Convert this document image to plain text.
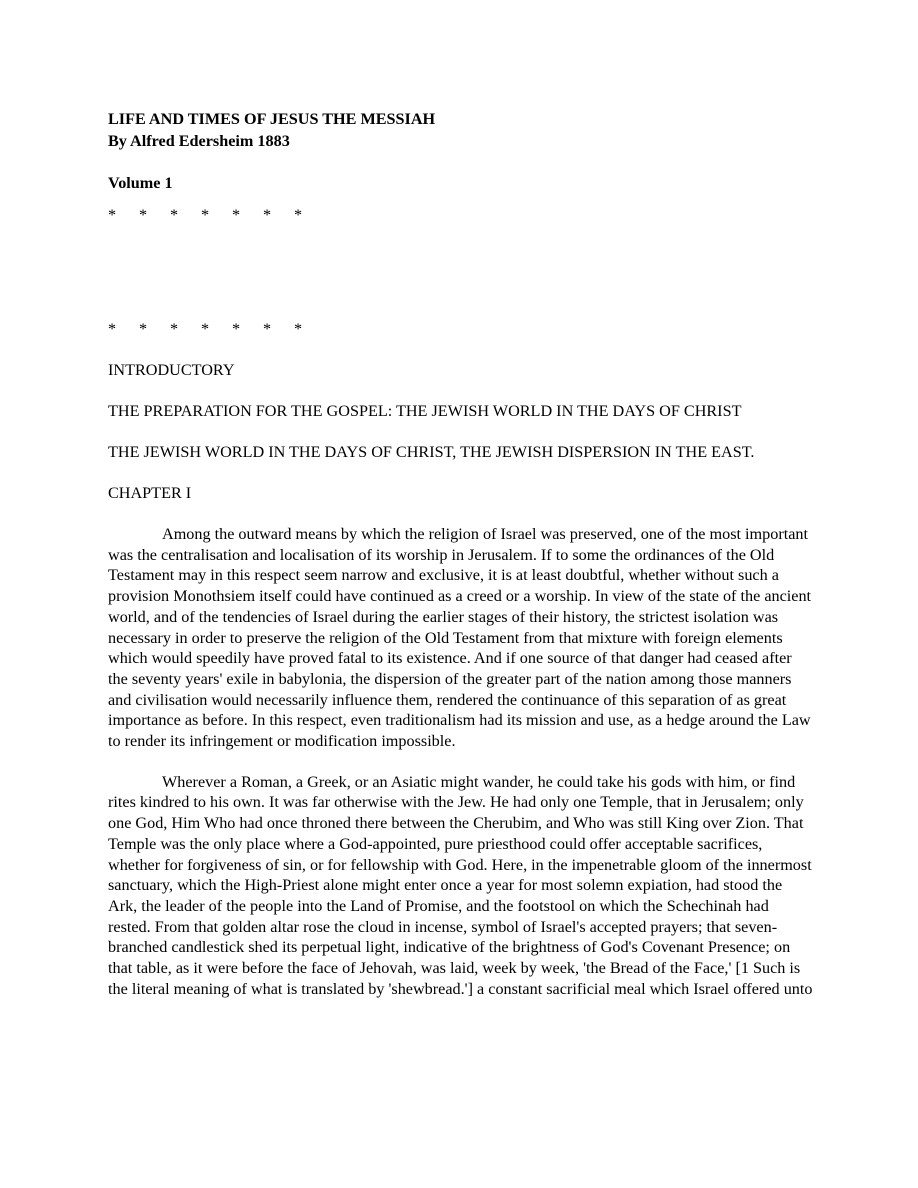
LIFE AND TIMES OF JESUS THE MESSIAH

By Alfred Edersheim 1883

Volume 1

* * * * * * *
* * * * * * *

INTRODUCTORY

THE PREPARATION FOR THE GOSPEL: THE JEWISH WORLD IN THE DAYS OF CHRIST

THE JEWISH WORLD IN THE DAYS OF CHRIST, THE JEWISH DISPERSION IN THE EAST.

CHAPTER I

Among the outward means by which the religion of Israel was preserved, one of the most important was the centralisation and localisation of its worship in Jerusalem. If to some the ordinances of the Old Testament may in this respect seem narrow and exclusive, it is at least doubtful, whether without such a provision Monothsiem itself could have continued as a creed or a worship. In view of the state of the ancient world, and of the tendencies of Israel during the earlier stages of their history, the strictest isolation was necessary in order to preserve the religion of the Old Testament from that mixture with foreign elements which would speedily have proved fatal to its existence. And if one source of that danger had ceased after the seventy years' exile in babylonia, the dispersion of the greater part of the nation among those manners and civilisation would necessarily influence them, rendered the continuance of this separation of as great importance as before. In this respect, even traditionalism had its mission and use, as a hedge around the Law to render its infringement or modification impossible.

Wherever a Roman, a Greek, or an Asiatic might wander, he could take his gods with him, or find rites kindred to his own. It was far otherwise with the Jew. He had only one Temple, that in Jerusalem; only one God, Him Who had once throned there between the Cherubim, and Who was still King over Zion. That Temple was the only place where a God-appointed, pure priesthood could offer acceptable sacrifices, whether for forgiveness of sin, or for fellowship with God. Here, in the impenetrable gloom of the innermost sanctuary, which the High-Priest alone might enter once a year for most solemn expiation, had stood the Ark, the leader of the people into the Land of Promise, and the footstool on which the Schechinah had rested. From that golden altar rose the cloud in incense, symbol of Israel's accepted prayers; that seven-branched candlestick shed its perpetual light, indicative of the brightness of God's Covenant Presence; on that table, as it were before the face of Jehovah, was laid, week by week, 'the Bread of the Face,' [1 Such is the literal meaning of what is translated by 'shewbread.'] a constant sacrificial meal which Israel offered unto
